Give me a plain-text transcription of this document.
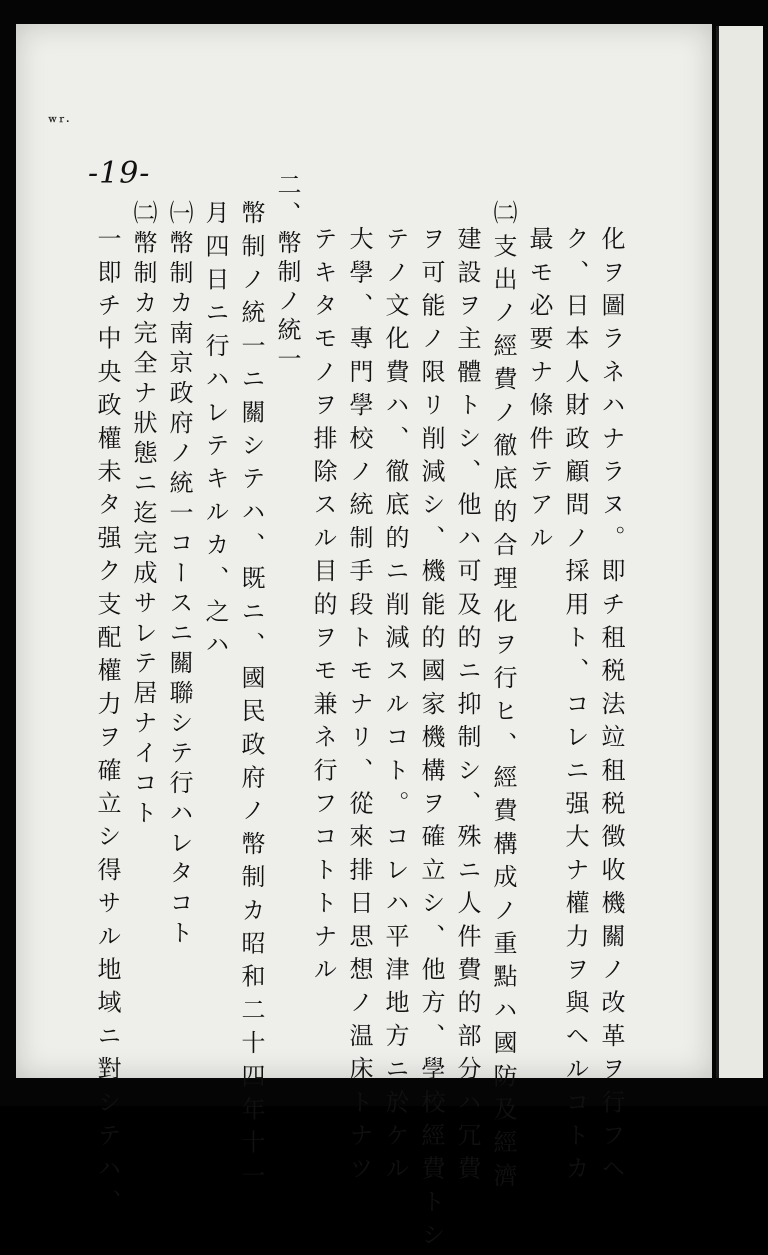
ｗｒ.
-19-
化ヲ圖ラネハナラヌ。即チ租税法竝租税徴收機關ノ改革ヲ行フヘ
ク、日本人財政顧問ノ採用ト、コレニ强大ナ權力ヲ與ヘルコトカ
最モ必要ナ條件テアル
㈡支出ノ經費ノ徹底的合理化ヲ行ヒ、經費構成ノ重點ハ國防及經濟
建設ヲ主體トシ、他ハ可及的ニ抑制シ、殊ニ人件費的部分ハ冗費
ヲ可能ノ限リ削減シ、機能的國家機構ヲ確立シ、他方、學校經費トシ
テノ文化費ハ、徹底的ニ削減スルコト。コレハ平津地方ニ於ケル
大學、專門學校ノ統制手段トモナリ、從來排日思想ノ温床トナツ
テキタモノヲ排除スル目的ヲモ兼ネ行フコトトナル
二、幣制ノ統一
幣制ノ統一ニ關シテハ、既ニ、國民政府ノ幣制カ昭和二十四年十一
月四日ニ行ハレテキルカ、之ハ
㈠幣制カ南京政府ノ統一コースニ關聯シテ行ハレタコト
㈡幣制カ完全ナ狀態ニ迄完成サレテ居ナイコト
一即チ中央政權未タ强ク支配權力ヲ確立シ得サル地域ニ對シテハ、
